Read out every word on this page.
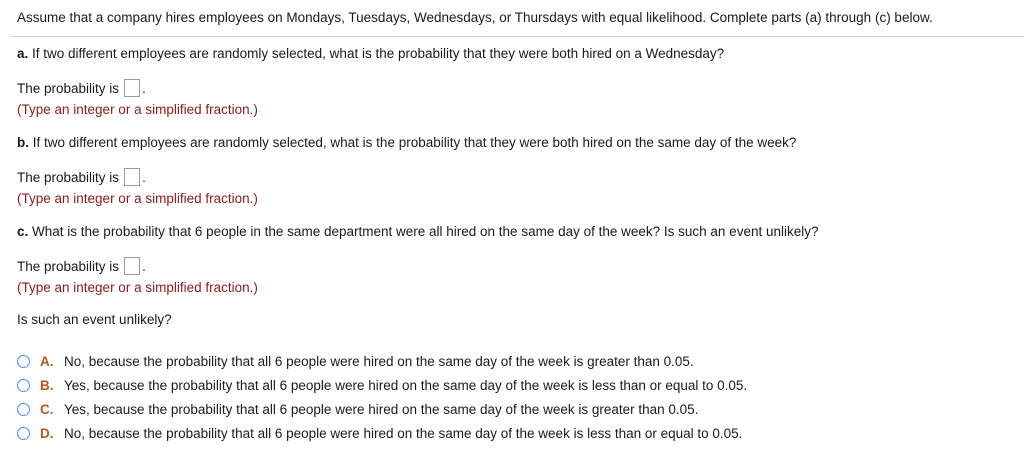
Assume that a company hires employees on Mondays, Tuesdays, Wednesdays, or Thursdays with equal likelihood. Complete parts (a) through (c) below.
a. If two different employees are randomly selected, what is the probability that they were both hired on a Wednesday?
The probability is .
(Type an integer or a simplified fraction.)
b. If two different employees are randomly selected, what is the probability that they were both hired on the same day of the week?
The probability is .
(Type an integer or a simplified fraction.)
c. What is the probability that 6 people in the same department were all hired on the same day of the week? Is such an event unlikely?
The probability is .
(Type an integer or a simplified fraction.)
Is such an event unlikely?
A. No, because the probability that all 6 people were hired on the same day of the week is greater than 0.05.
B. Yes, because the probability that all 6 people were hired on the same day of the week is less than or equal to 0.05.
C. Yes, because the probability that all 6 people were hired on the same day of the week is greater than 0.05.
D. No, because the probability that all 6 people were hired on the same day of the week is less than or equal to 0.05.
